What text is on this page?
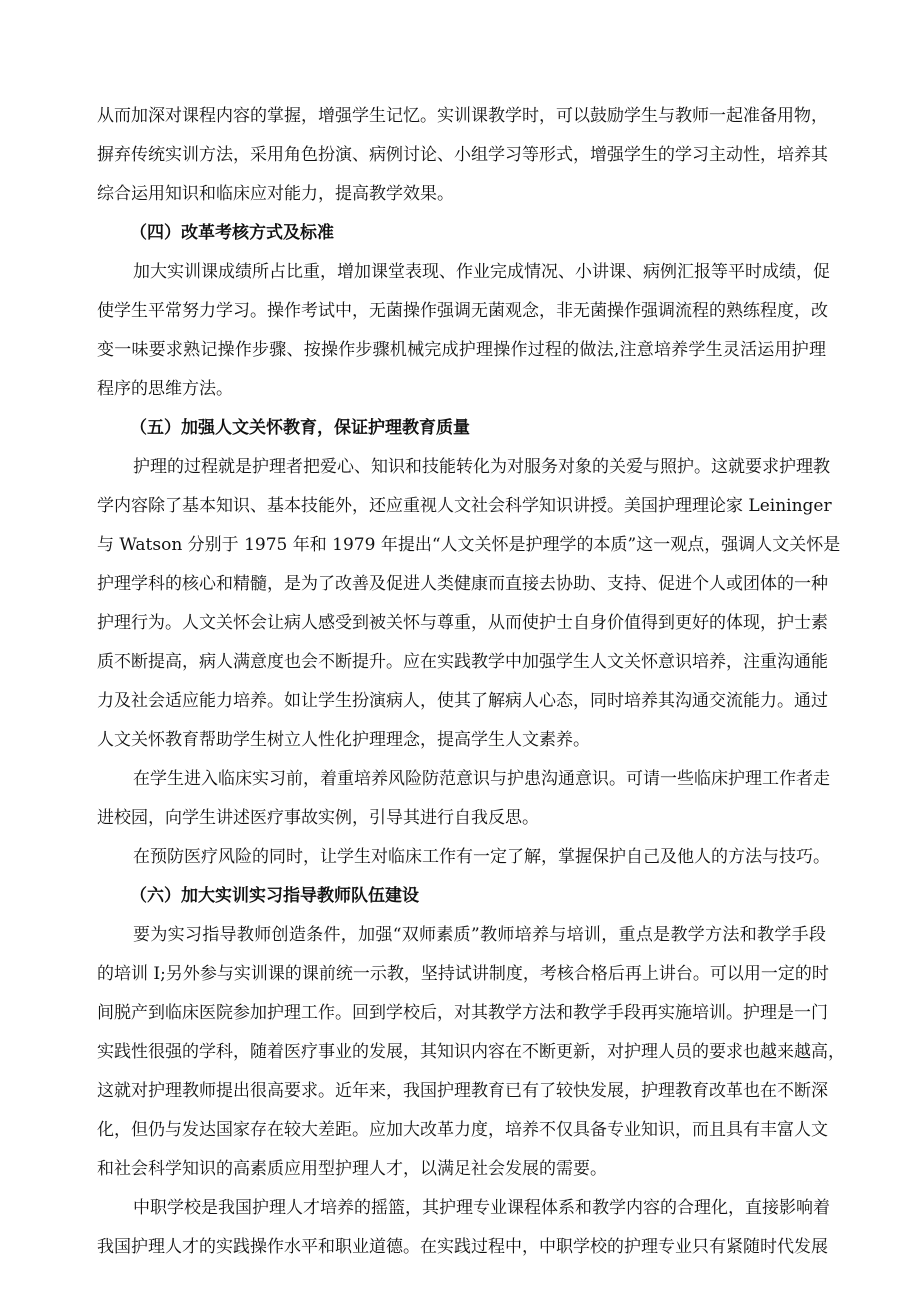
从而加深对课程内容的掌握，增强学生记忆。实训课教学时，可以鼓励学生与教师一起准备用物，
摒弃传统实训方法，采用角色扮演、病例讨论、小组学习等形式，增强学生的学习主动性，培养其
综合运用知识和临床应对能力，提高教学效果。
（四）改革考核方式及标准
加大实训课成绩所占比重，增加课堂表现、作业完成情况、小讲课、病例汇报等平时成绩，促
使学生平常努力学习。操作考试中，无菌操作强调无菌观念，非无菌操作强调流程的熟练程度，改
变一味要求熟记操作步骤、按操作步骤机械完成护理操作过程的做法,注意培养学生灵活运用护理
程序的思维方法。
（五）加强人文关怀教育，保证护理教育质量
护理的过程就是护理者把爱心、知识和技能转化为对服务对象的关爱与照护。这就要求护理教
学内容除了基本知识、基本技能外，还应重视人文社会科学知识讲授。美国护理理论家 Leininger
与 Watson 分别于 1975 年和 1979 年提出“人文关怀是护理学的本质”这一观点，强调人文关怀是
护理学科的核心和精髓，是为了改善及促进人类健康而直接去协助、支持、促进个人或团体的一种
护理行为。人文关怀会让病人感受到被关怀与尊重，从而使护士自身价值得到更好的体现，护士素
质不断提高，病人满意度也会不断提升。应在实践教学中加强学生人文关怀意识培养，注重沟通能
力及社会适应能力培养。如让学生扮演病人，使其了解病人心态，同时培养其沟通交流能力。通过
人文关怀教育帮助学生树立人性化护理理念，提高学生人文素养。
在学生进入临床实习前，着重培养风险防范意识与护患沟通意识。可请一些临床护理工作者走
进校园，向学生讲述医疗事故实例，引导其进行自我反思。
在预防医疗风险的同时，让学生对临床工作有一定了解，掌握保护自己及他人的方法与技巧。
（六）加大实训实习指导教师队伍建设
要为实习指导教师创造条件，加强“双师素质”教师培养与培训，重点是教学方法和教学手段
的培训 I;另外参与实训课的课前统一示教，坚持试讲制度，考核合格后再上讲台。可以用一定的时
间脱产到临床医院参加护理工作。回到学校后，对其教学方法和教学手段再实施培训。护理是一门
实践性很强的学科，随着医疗事业的发展，其知识内容在不断更新，对护理人员的要求也越来越高，
这就对护理教师提出很高要求。近年来，我国护理教育已有了较快发展，护理教育改革也在不断深
化，但仍与发达国家存在较大差距。应加大改革力度，培养不仅具备专业知识，而且具有丰富人文
和社会科学知识的高素质应用型护理人才，以满足社会发展的需要。
中职学校是我国护理人才培养的摇篮，其护理专业课程体系和教学内容的合理化，直接影响着
我国护理人才的实践操作水平和职业道德。在实践过程中，中职学校的护理专业只有紧随时代发展
